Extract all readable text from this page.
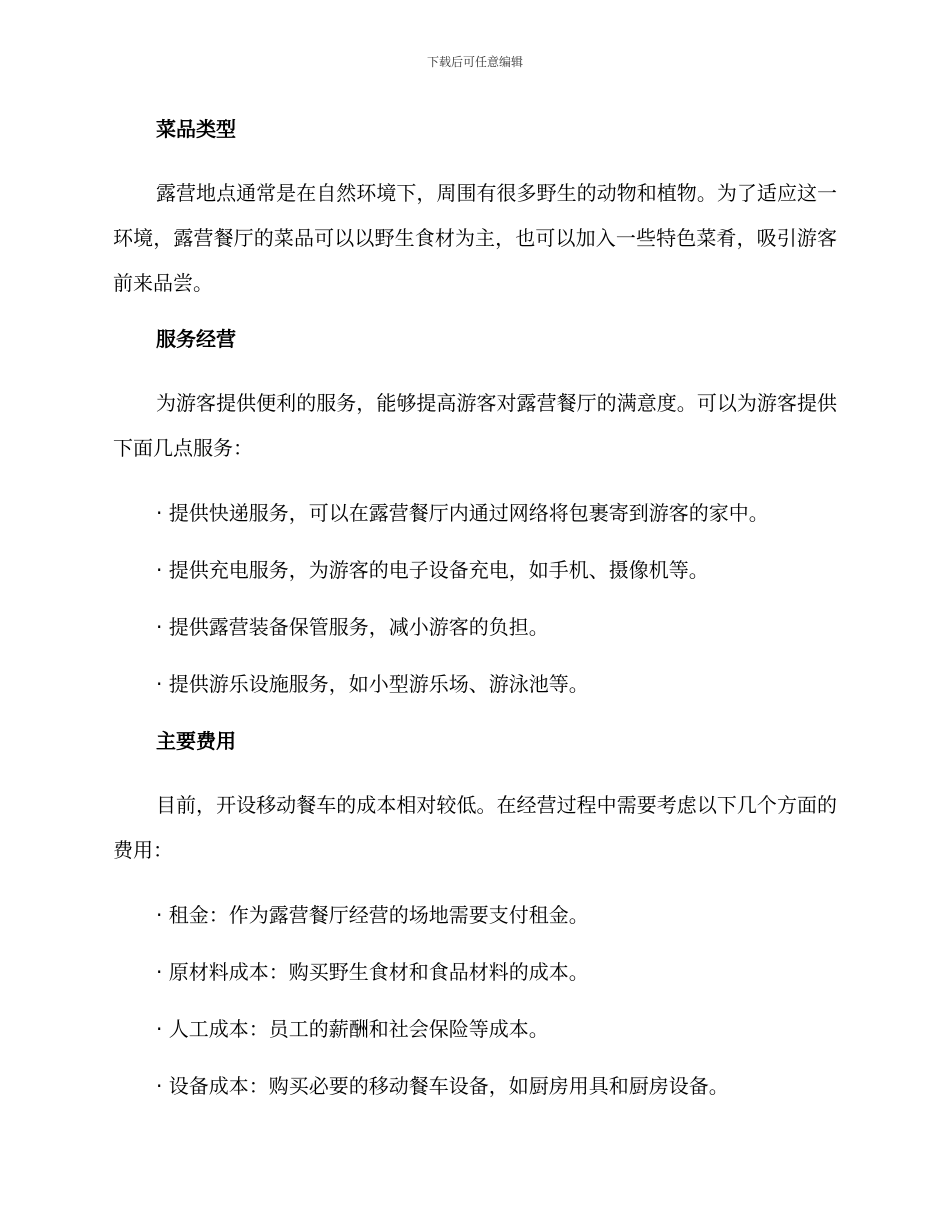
下载后可任意编辑
菜品类型

露营地点通常是在自然环境下，周围有很多野生的动物和植物。为了适应这一环境，露营餐厅的菜品可以以野生食材为主，也可以加入一些特色菜肴，吸引游客前来品尝。

服务经营

为游客提供便利的服务，能够提高游客对露营餐厅的满意度。可以为游客提供下面几点服务：

· 提供快递服务，可以在露营餐厅内通过网络将包裹寄到游客的家中。

· 提供充电服务，为游客的电子设备充电，如手机、摄像机等。

· 提供露营装备保管服务，减小游客的负担。

· 提供游乐设施服务，如小型游乐场、游泳池等。

主要费用

目前，开设移动餐车的成本相对较低。在经营过程中需要考虑以下几个方面的费用：

· 租金：作为露营餐厅经营的场地需要支付租金。

· 原材料成本：购买野生食材和食品材料的成本。

· 人工成本：员工的薪酬和社会保险等成本。

· 设备成本：购买必要的移动餐车设备，如厨房用具和厨房设备。
